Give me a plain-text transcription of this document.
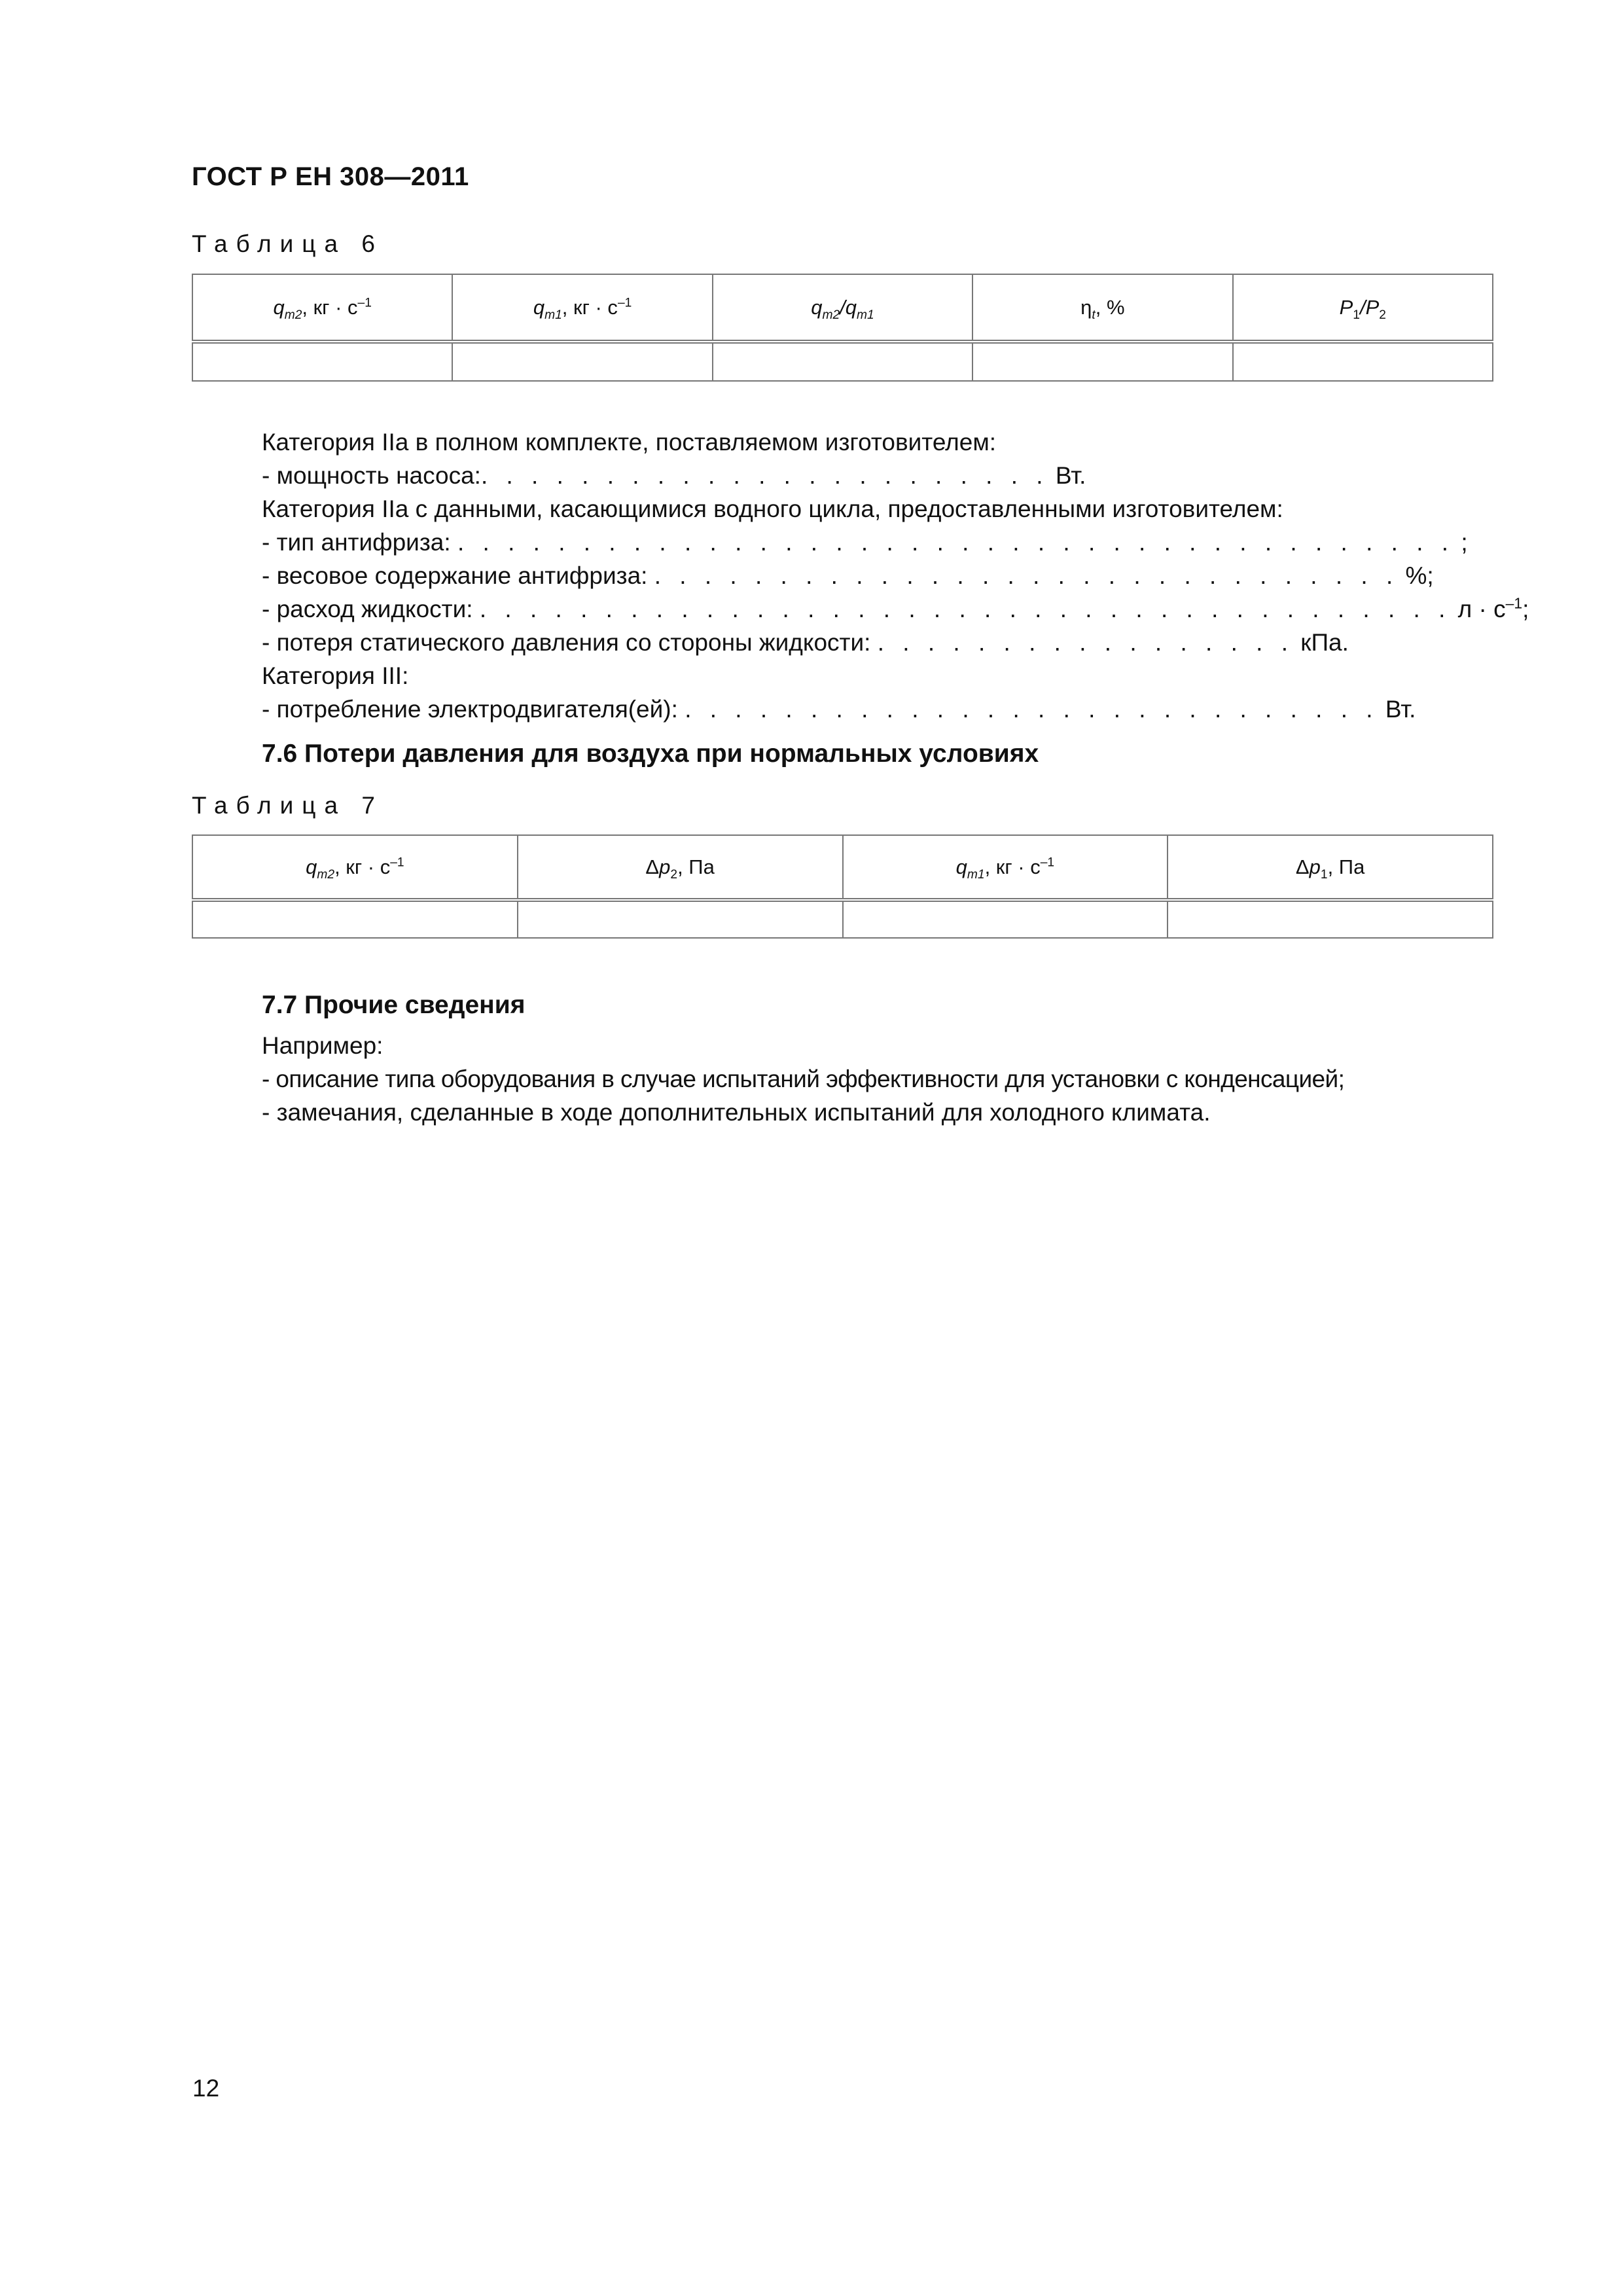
ГОСТ Р ЕН 308—2011
Таблица 6
$q_{m2}$, кг · $с^{-1}$	$q_{m1}$, кг · $с^{-1}$	$q_{m2}/q_{m1}$	$\eta_t$, %	$P_1/P_2$

Категория IIа в полном комплекте, поставляемом изготовителем:
- мощность насоса:. . . . . . . . . . . . . . . . . . . . . . . Вт.
Категория IIа с данными, касающимися водного цикла, предоставленными изготовителем:
- тип антифриза: . . . . . . . . . . . . . . . . . . . . . . . . . . . . . . . . . . . . . . . . ;
- весовое содержание антифриза: . . . . . . . . . . . . . . . . . . . . . . . . . . . . . . %;
- расход жидкости: . . . . . . . . . . . . . . . . . . . . . . . . . . . . . . . . . . . . . . . $л \cdot с^{-1}$;
- потеря статического давления со стороны жидкости: . . . . . . . . . . . . . . . . . кПа.
Категория III:
- потребление электродвигателя(ей): . . . . . . . . . . . . . . . . . . . . . . . . . . . . Вт.
7.6 Потери давления для воздуха при нормальных условиях
Таблица 7
$q_{m2}$, кг · $с^{-1}$	$\Delta p_2$, Па	$q_{m1}$, кг · $с^{-1}$	$\Delta p_1$, Па

7.7 Прочие сведения
Например:
- описание типа оборудования в случае испытаний эффективности для установки с конденсацией;
- замечания, сделанные в ходе дополнительных испытаний для холодного климата.
12
